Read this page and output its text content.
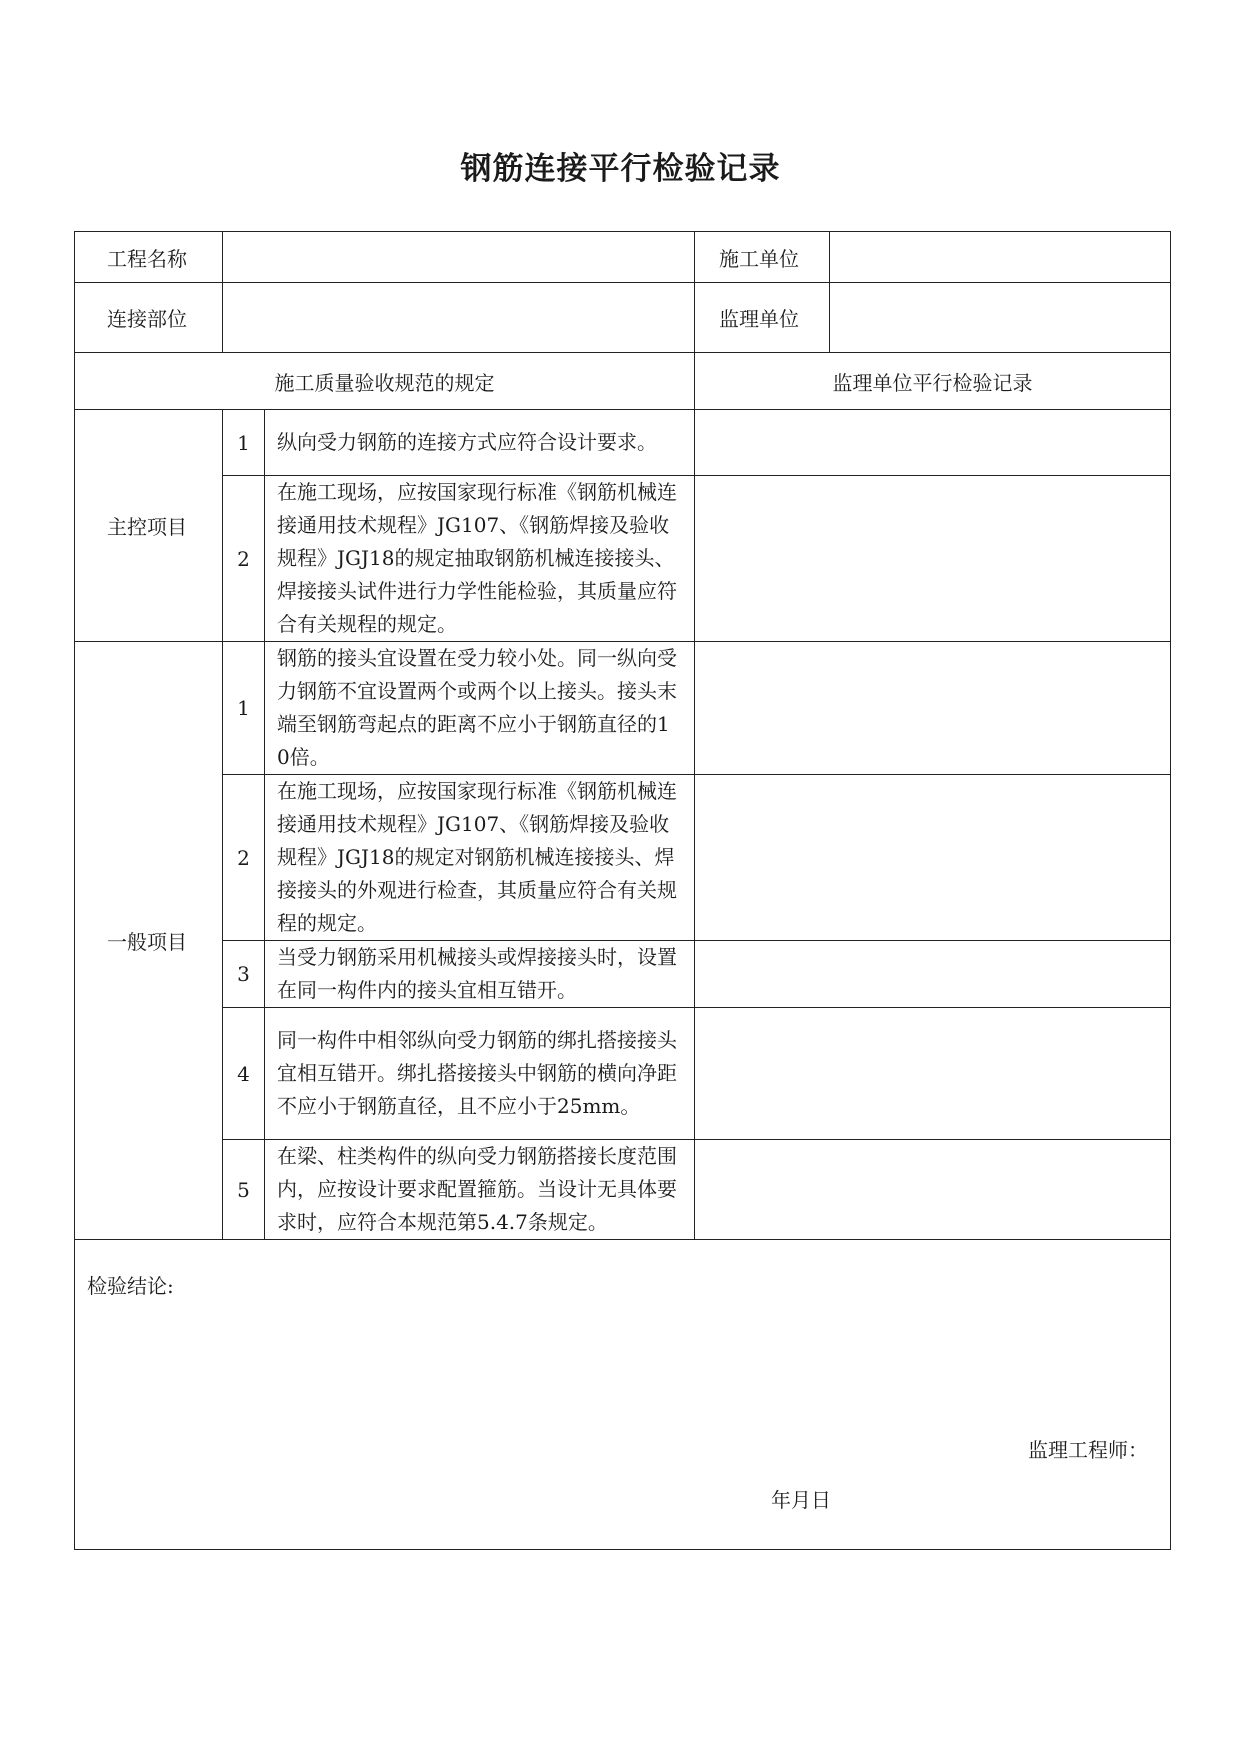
钢筋连接平行检验记录
工程名称			施工单位	
连接部位			监理单位	
施工质量验收规范的规定			监理单位平行检验记录	
主控项目	1	纵向受力钢筋的连接方式应符合设计要求。		
	2	在施工现场，应按国家现行标准《钢筋机械连接通用技术规程》JG107、《钢筋焊接及验收规程》JGJ18的规定抽取钢筋机械连接接头、焊接接头试件进行力学性能检验，其质量应符合有关规程的规定。		
一般项目	1	钢筋的接头宜设置在受力较小处。同一纵向受力钢筋不宜设置两个或两个以上接头。接头末端至钢筋弯起点的距离不应小于钢筋直径的10倍。		
	2	在施工现场，应按国家现行标准《钢筋机械连接通用技术规程》JG107、《钢筋焊接及验收规程》JGJ18的规定对钢筋机械连接接头、焊接接头的外观进行检查，其质量应符合有关规程的规定。		
	3	当受力钢筋采用机械接头或焊接接头时，设置在同一构件内的接头宜相互错开。		
	4	同一构件中相邻纵向受力钢筋的绑扎搭接接头宜相互错开。绑扎搭接接头中钢筋的横向净距不应小于钢筋直径，且不应小于25mm。		
	5	在梁、柱类构件的纵向受力钢筋搭接长度范围内，应按设计要求配置箍筋。当设计无具体要求时，应符合本规范第5.4.7条规定。		

检验结论:
监理工程师：
年月日				
